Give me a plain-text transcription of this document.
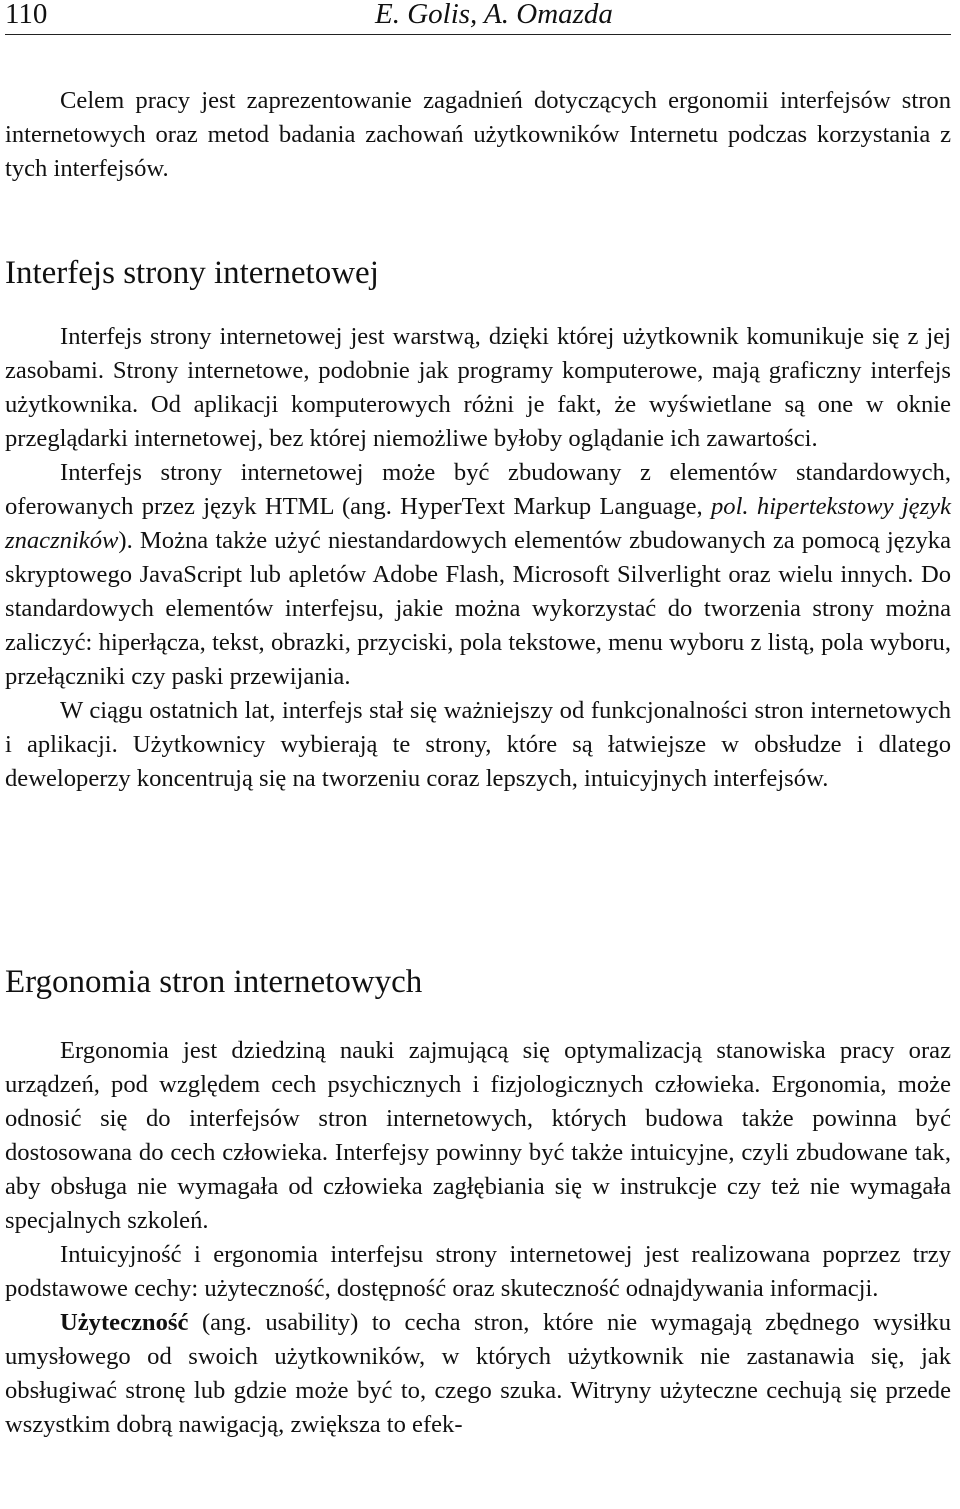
110	E. Golis, A. Omazda

Celem pracy jest zaprezentowanie zagadnień dotyczących ergonomii interfejsów stron internetowych oraz metod badania zachowań użytkowników Internetu podczas korzystania z tych interfejsów.

Interfejs strony internetowej

Interfejs strony internetowej jest warstwą, dzięki której użytkownik komunikuje się z jej zasobami. Strony internetowe, podobnie jak programy komputerowe, mają graficzny interfejs użytkownika. Od aplikacji komputerowych różni je fakt, że wyświetlane są one w oknie przeglądarki internetowej, bez której niemożliwe byłoby oglądanie ich zawartości.

Interfejs strony internetowej może być zbudowany z elementów standardowych, oferowanych przez język HTML (ang. HyperText Markup Language, pol. hipertekstowy język znaczników). Można także użyć niestandardowych elementów zbudowanych za pomocą języka skryptowego JavaScript lub apletów Adobe Flash, Microsoft Silverlight oraz wielu innych. Do standardowych elementów interfejsu, jakie można wykorzystać do tworzenia strony można zaliczyć: hiperłącza, tekst, obrazki, przyciski, pola tekstowe, menu wyboru z listą, pola wyboru, przełączniki czy paski przewijania.

W ciągu ostatnich lat, interfejs stał się ważniejszy od funkcjonalności stron internetowych i aplikacji. Użytkownicy wybierają te strony, które są łatwiejsze w obsłudze i dlatego deweloperzy koncentrują się na tworzeniu coraz lepszych, intuicyjnych interfejsów.

Ergonomia stron internetowych

Ergonomia jest dziedziną nauki zajmującą się optymalizacją stanowiska pracy oraz urządzeń, pod względem cech psychicznych i fizjologicznych człowieka. Ergonomia, może odnosić się do interfejsów stron internetowych, których budowa także powinna być dostosowana do cech człowieka. Interfejsy powinny być także intuicyjne, czyli zbudowane tak, aby obsługa nie wymagała od człowieka zagłębiania się w instrukcje czy też nie wymagała specjalnych szkoleń.

Intuicyjność i ergonomia interfejsu strony internetowej jest realizowana poprzez trzy podstawowe cechy: użyteczność, dostępność oraz skuteczność odnajdywania informacji.

Użyteczność (ang. usability) to cecha stron, które nie wymagają zbędnego wysiłku umysłowego od swoich użytkowników, w których użytkownik nie zastanawia się, jak obsługiwać stronę lub gdzie może być to, czego szuka. Witryny użyteczne cechują się przede wszystkim dobrą nawigacją, zwiększa to efek-
